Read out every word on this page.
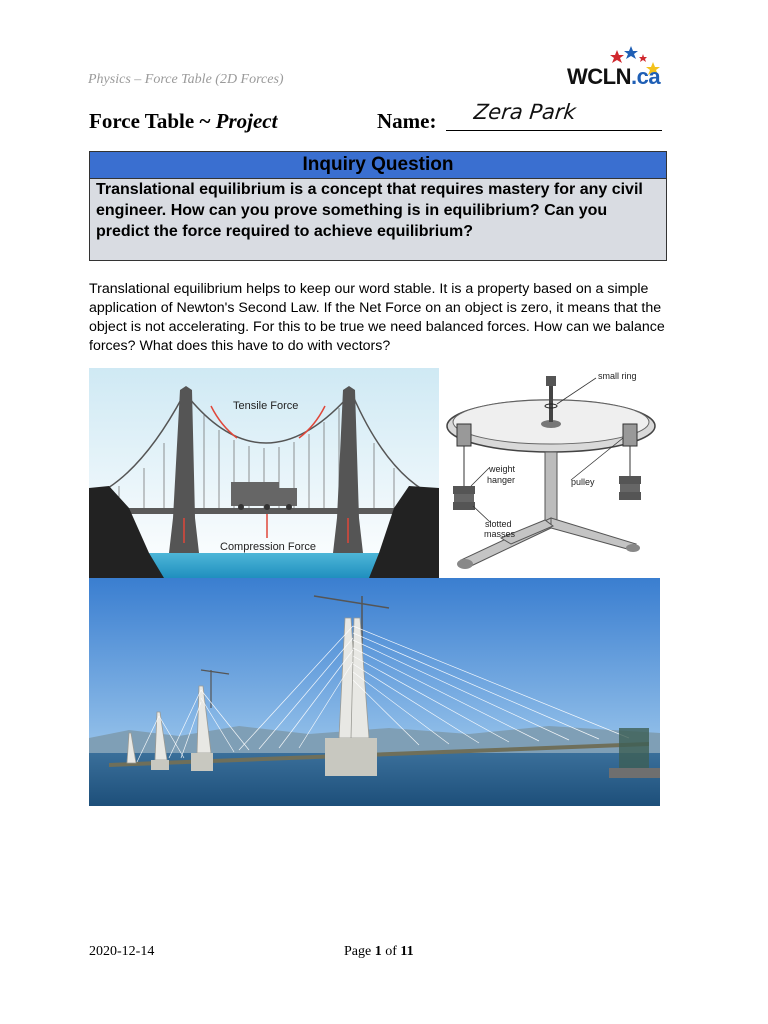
Physics – Force Table (2D Forces)	WCLN.ca
Force Table ~ Project	Name: Zera Park
Inquiry Question
Translational equilibrium is a concept that requires mastery for any civil engineer. How can you prove something is in equilibrium? Can you predict the force required to achieve equilibrium?
Translational equilibrium helps to keep our word stable. It is a property based on a simple application of Newton's Second Law. If the Net Force on an object is zero, it means that the object is not accelerating. For this to be true we need balanced forces. How can we balance forces? What does this have to do with vectors?
Tensile Force
Compression Force
small ring
weight
hanger	pulley
slotted
masses
2020-12-14	Page 1 of 11
